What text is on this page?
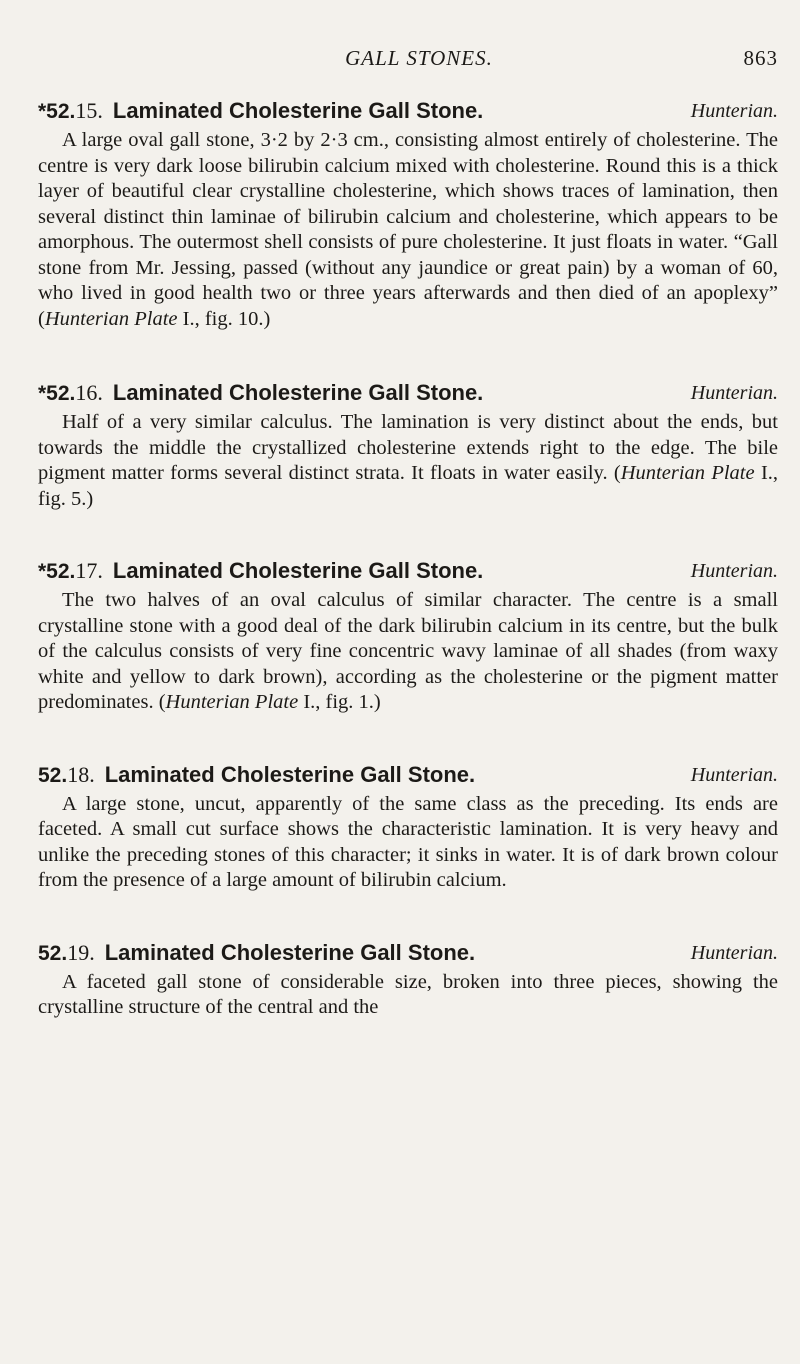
GALL STONES.	863
*52.15. Laminated Cholesterine Gall Stone.	Hunterian.

A large oval gall stone, 3·2 by 2·3 cm., consisting almost entirely of cholesterine. The centre is very dark loose bilirubin calcium mixed with cholesterine. Round this is a thick layer of beautiful clear crystalline cholesterine, which shows traces of lamination, then several distinct thin laminae of bilirubin calcium and cholesterine, which appears to be amorphous. The outermost shell consists of pure cholesterine. It just floats in water. “Gall stone from Mr. Jessing, passed (without any jaundice or great pain) by a woman of 60, who lived in good health two or three years afterwards and then died of an apoplexy” (Hunterian Plate I., fig. 10.)

*52.16. Laminated Cholesterine Gall Stone.	Hunterian.

Half of a very similar calculus. The lamination is very distinct about the ends, but towards the middle the crystallized cholesterine extends right to the edge. The bile pigment matter forms several distinct strata. It floats in water easily. (Hunterian Plate I., fig. 5.)

*52.17. Laminated Cholesterine Gall Stone.	Hunterian.

The two halves of an oval calculus of similar character. The centre is a small crystalline stone with a good deal of the dark bilirubin calcium in its centre, but the bulk of the calculus consists of very fine concentric wavy laminae of all shades (from waxy white and yellow to dark brown), according as the cholesterine or the pigment matter predominates. (Hunterian Plate I., fig. 1.)

52.18. Laminated Cholesterine Gall Stone.	Hunterian.

A large stone, uncut, apparently of the same class as the preceding. Its ends are faceted. A small cut surface shows the characteristic lamination. It is very heavy and unlike the preceding stones of this character; it sinks in water. It is of dark brown colour from the presence of a large amount of bilirubin calcium.

52.19. Laminated Cholesterine Gall Stone.	Hunterian.

A faceted gall stone of considerable size, broken into three pieces, showing the crystalline structure of the central and the
